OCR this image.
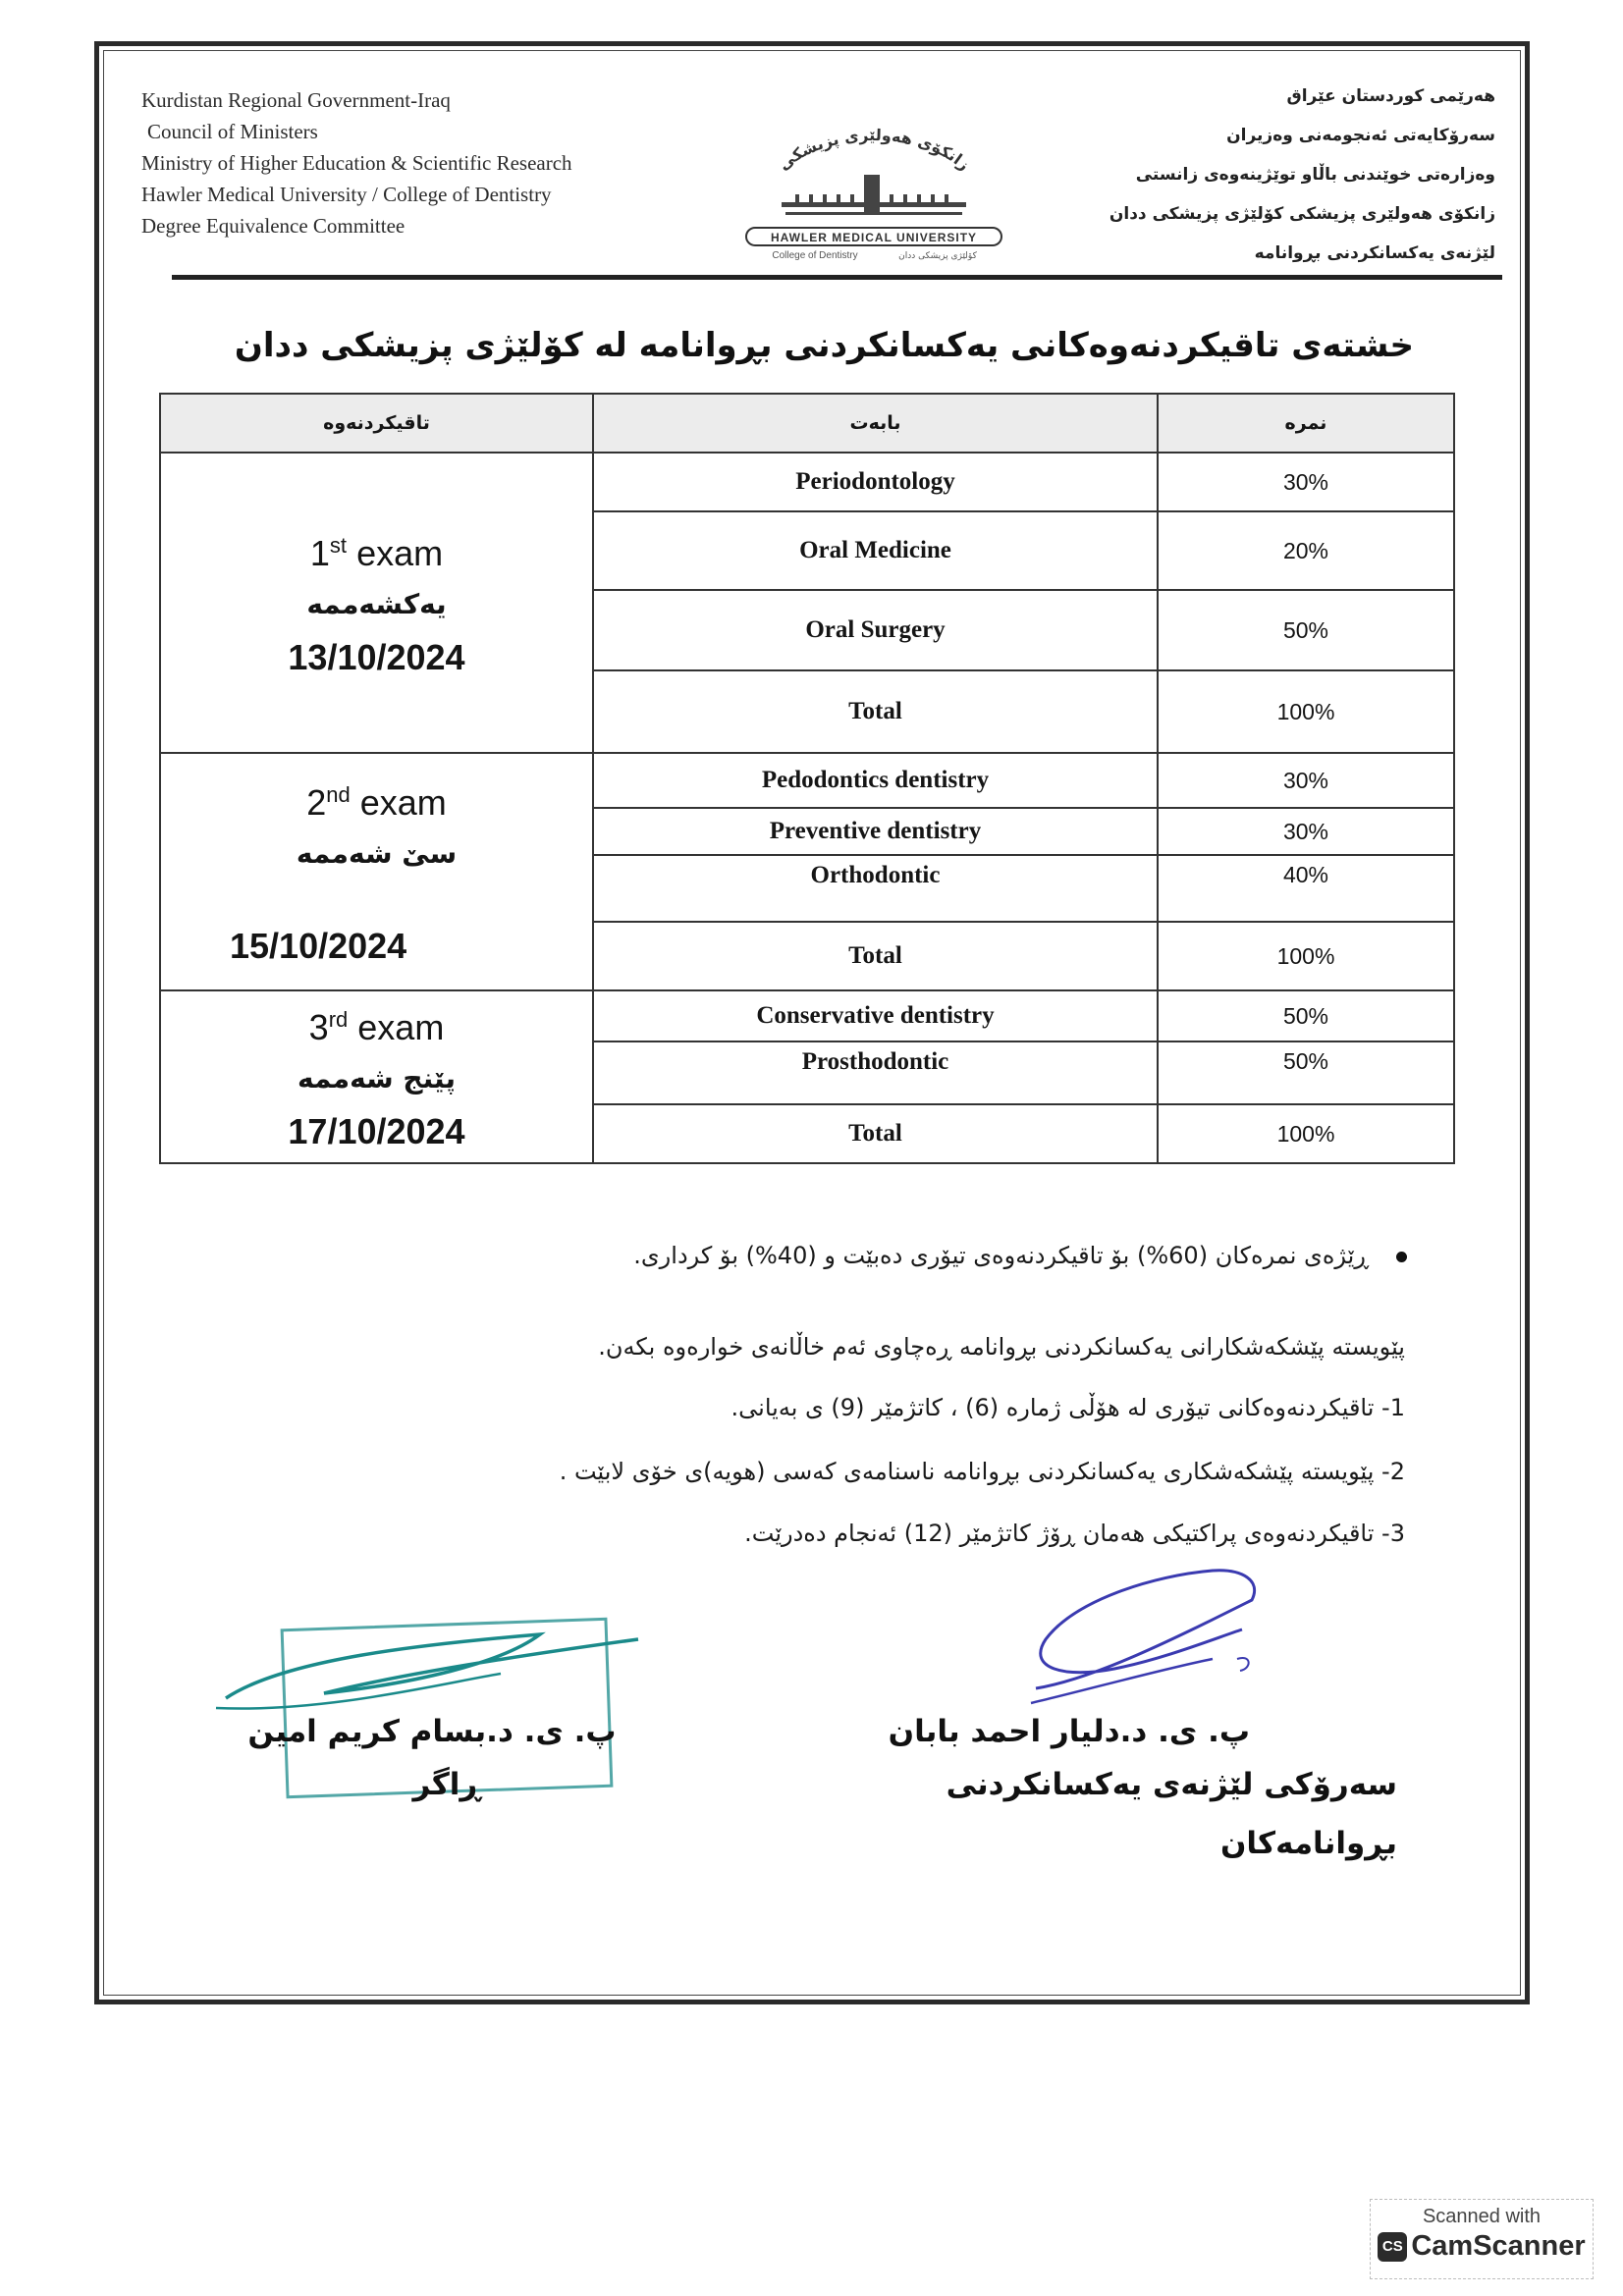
Kurdistan Regional Government-Iraq
Council of Ministers
Ministry of Higher Education & Scientific Research
Hawler Medical University / College of Dentistry
Degree Equivalence Committee
هەرێمی کوردستان عێراق
سەرۆکایەتی ئەنجومەنی وەزیران
وەزارەتی خوێندنی باڵاو توێژینەوەی زانستی
زانکۆی هەولێری پزیشکی کۆلێژی پزیشکی ددان
لێژنەی یەکسانکردنی بڕوانامە
زانکۆی هەولێری پزیشکی
HAWLER MEDICAL UNIVERSITY
College of Dentistry	کۆلێژی پزیشکی ددان
خشتەی تاقیکردنەوەکانی یەکسانکردنی بڕوانامە لە کۆلێژی پزیشکی ددان
تاقیکردنەوە	بابەت	نمرە

1st exam
یەکشەممە
13/10/2024	Periodontology	30%
	Oral Medicine	20%
	Oral Surgery	50%
	Total	100%

2nd exam
سێ شەممە
15/10/2024	Pedodontics dentistry	30%
	Preventive dentistry	30%
	Orthodontic	40%
	Total	100%

3rd exam
پێنج شەممە
17/10/2024	Conservative dentistry	50%
	Prosthodontic	50%
	Total	100%
ڕێژەی نمرەکان (60%) بۆ تاقیکردنەوەی تیۆری دەبێت و (40%) بۆ کرداری.
پێویستە پێشکەشکارانی یەکسانکردنی بڕوانامە ڕەچاوی ئەم خاڵانەی خوارەوە بکەن.
1- تاقیکردنەوەکانی تیۆری لە هۆڵی ژمارە (6) ، کاتژمێر (9) ی بەیانی.
2- پێویستە پێشکەشکاری یەکسانکردنی بڕوانامە ناسنامەی کەسی (هویە)ی خۆی لابێت .
3- تاقیکردنەوەی پراکتیکی هەمان ڕۆژ کاتژمێر (12) ئەنجام دەدرێت.
پ. ی. د.دلیار احمد بابان
سەرۆکی لێژنەی یەکسانکردنی بڕوانامەکان
پ. ی. د.بسام کریم امین
ڕاگر
Scanned with
CS CamScanner
